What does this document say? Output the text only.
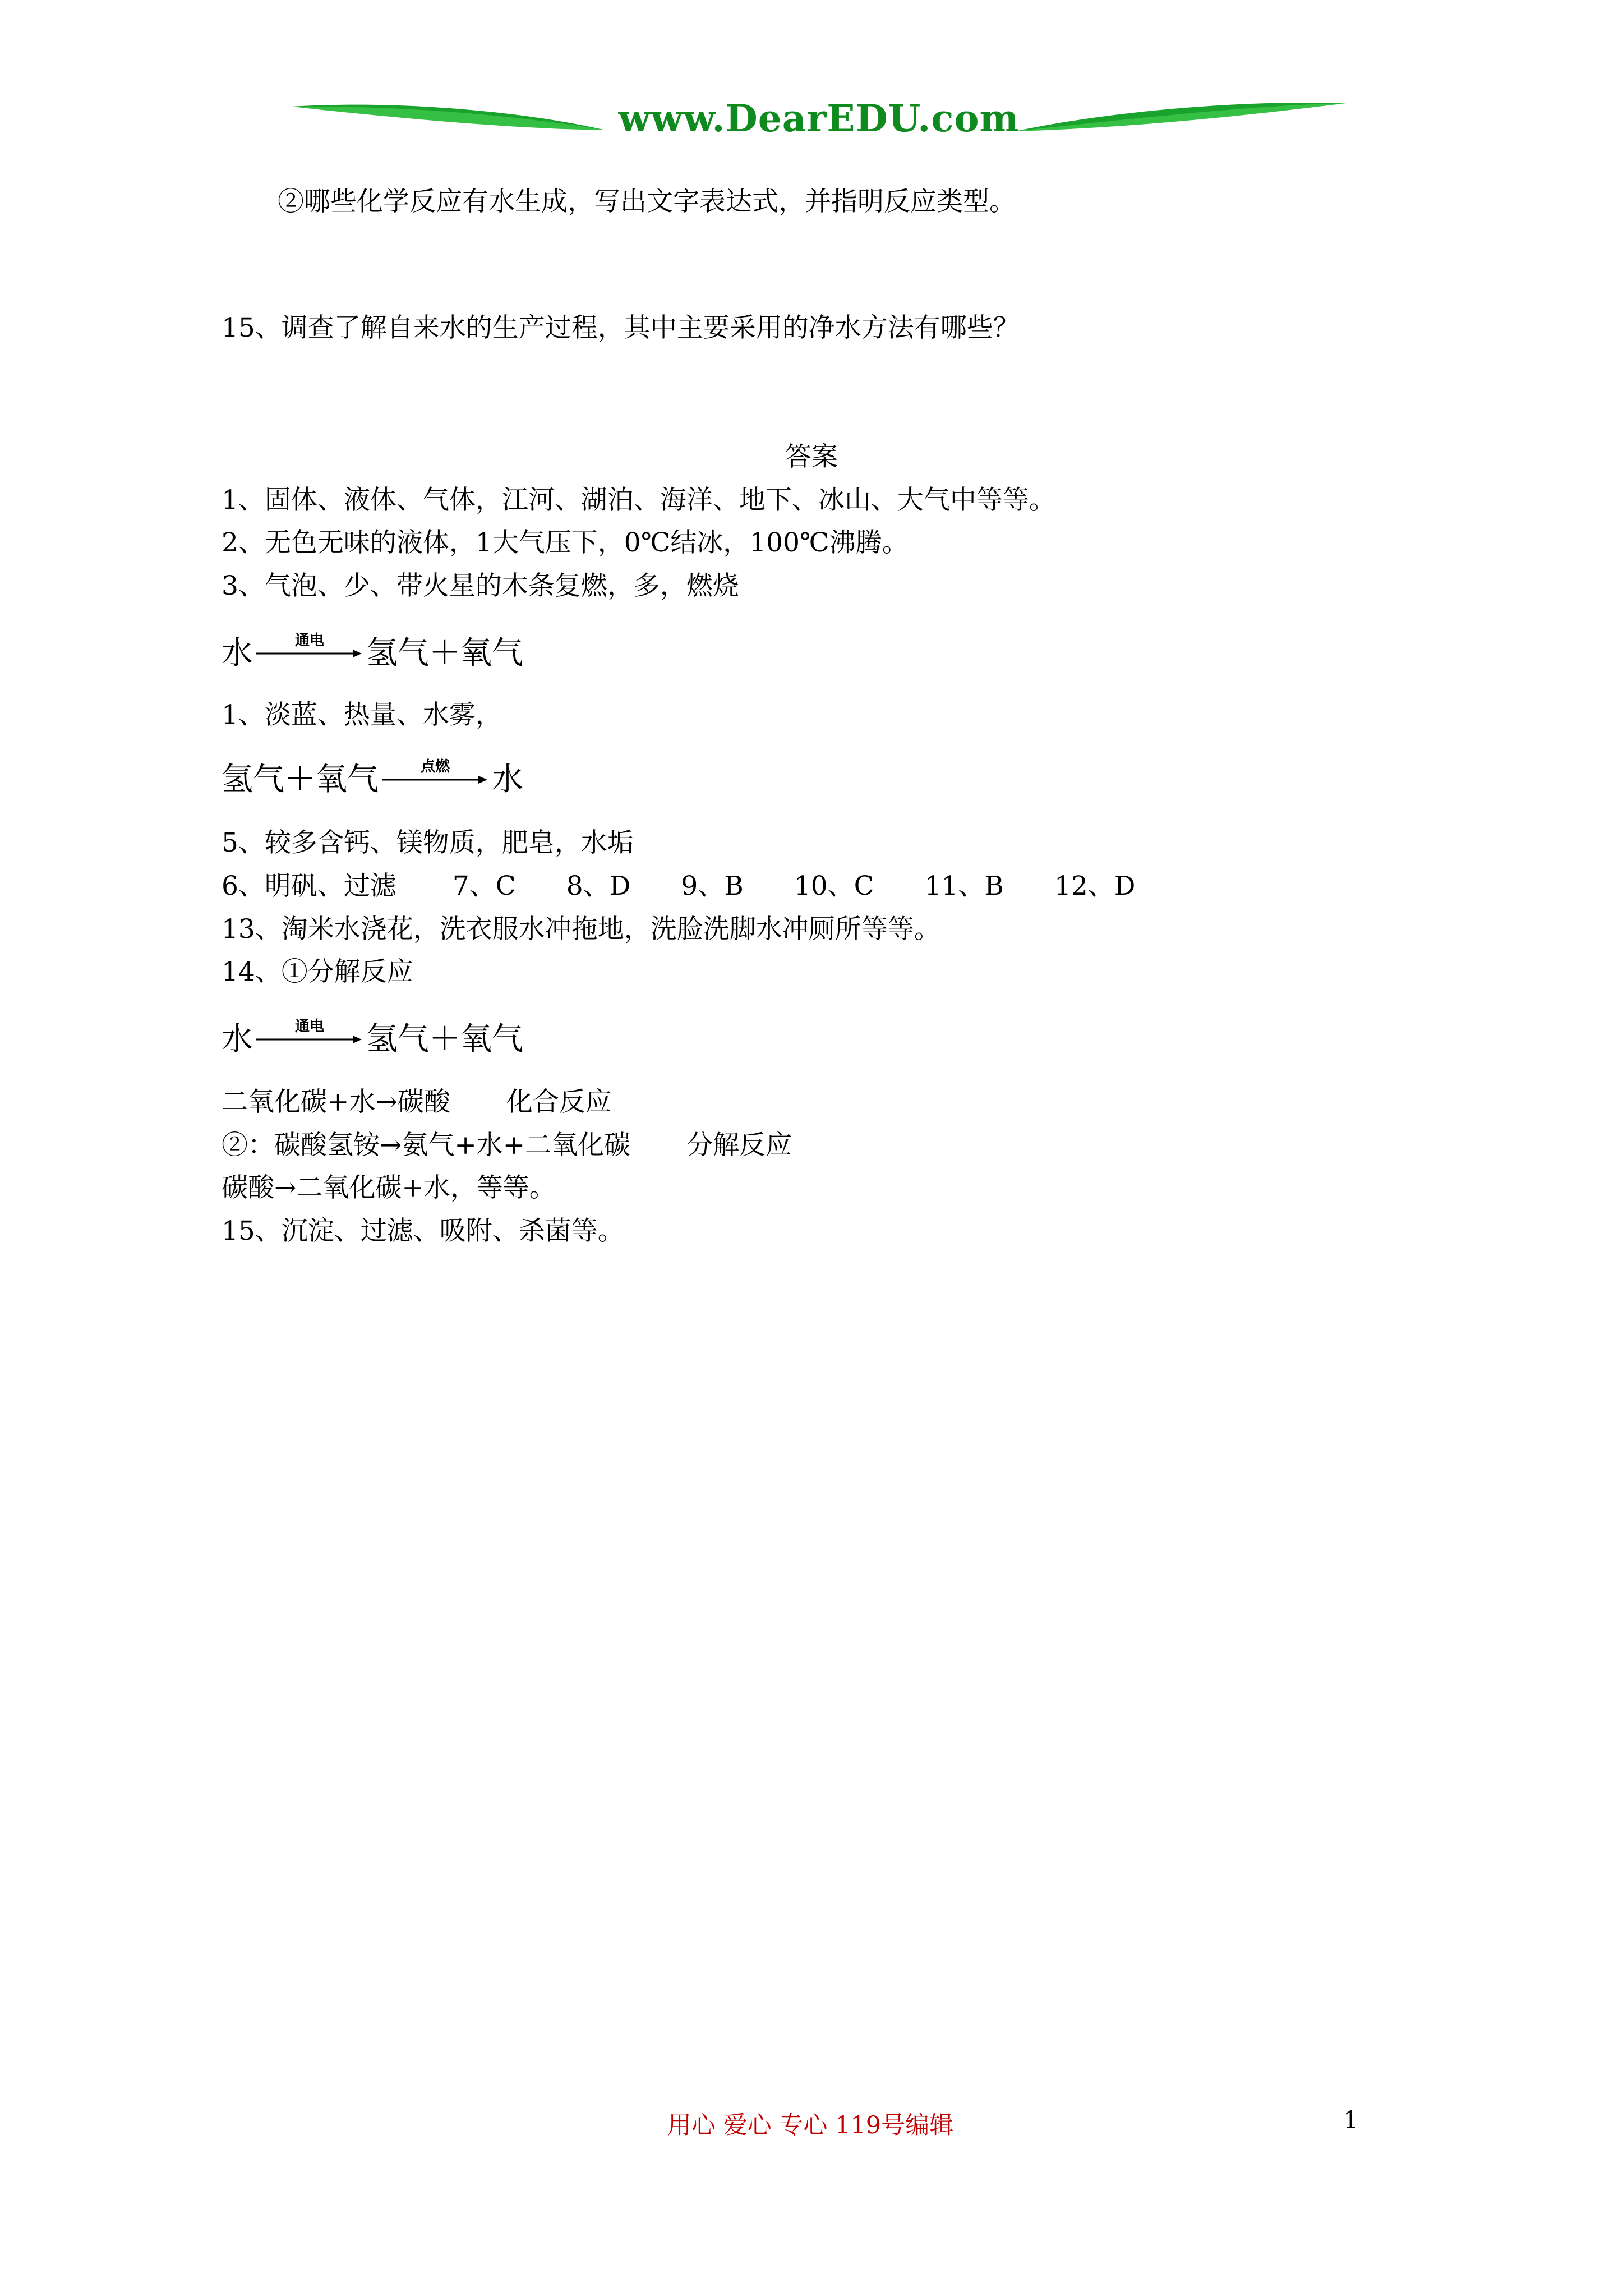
www.DearEDU.com
②哪些化学反应有水生成，写出文字表达式，并指明反应类型。
15、调查了解自来水的生产过程，其中主要采用的净水方法有哪些？
答案
1、固体、液体、气体，江河、湖泊、海洋、地下、冰山、大气中等等。
2、无色无味的液体，1大气压下，0℃结冰，100℃沸腾。
3、气泡、少、带火星的木条复燃，多，燃烧
水	通电	氢气＋氧气
1、淡蓝、热量、水雾，
氢气＋氧气	点燃	水
5、较多含钙、镁物质，肥皂，水垢
6、明矾、过滤 7、C 8、D 9、B 10、C 11、B 12、D
13、淘米水浇花，洗衣服水冲拖地，洗脸洗脚水冲厕所等等。
14、①分解反应
水	通电	氢气＋氧气
二氧化碳+水→碳酸 化合反应
②：碳酸氢铵→氨气+水+二氧化碳 分解反应
碳酸→二氧化碳+水，等等。
15、沉淀、过滤、吸附、杀菌等。
用心 爱心 专心 119号编辑	1
